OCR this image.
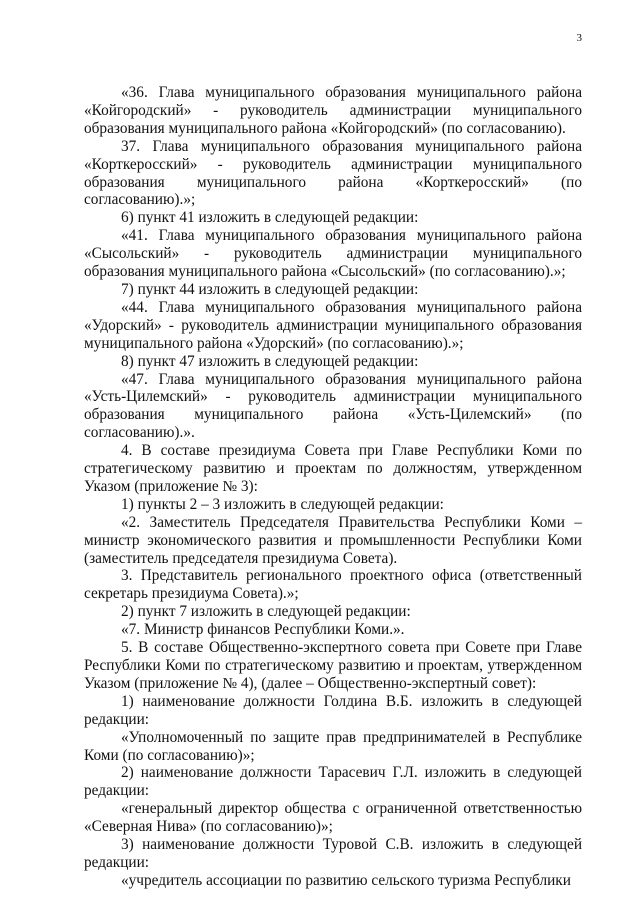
3

«36. Глава муниципального образования муниципального района «Койгородский» - руководитель администрации муниципального образования муниципального района «Койгородский» (по согласованию).

37. Глава муниципального образования муниципального района «Корткеросский» - руководитель администрации муниципального образования муниципального района «Корткеросский» (по согласованию).»;

6) пункт 41 изложить в следующей редакции:

«41. Глава муниципального образования муниципального района «Сысольский» - руководитель администрации муниципального образования муниципального района «Сысольский» (по согласованию).»;

7) пункт 44 изложить в следующей редакции:

«44. Глава муниципального образования муниципального района «Удорский» - руководитель администрации муниципального образования муниципального района «Удорский» (по согласованию).»;

8) пункт 47 изложить в следующей редакции:

«47. Глава муниципального образования муниципального района «Усть-Цилемский» - руководитель администрации муниципального образования муниципального района «Усть-Цилемский» (по согласованию).».

4. В составе президиума Совета при Главе Республики Коми по стратегическому развитию и проектам по должностям, утвержденном Указом (приложение № 3):

1) пункты 2 – 3 изложить в следующей редакции:

«2. Заместитель Председателя Правительства Республики Коми – министр экономического развития и промышленности Республики Коми (заместитель председателя президиума Совета).

3. Представитель регионального проектного офиса (ответственный секретарь президиума Совета).»;

2) пункт 7 изложить в следующей редакции:

«7. Министр финансов Республики Коми.».

5. В составе Общественно-экспертного совета при Совете при Главе Республики Коми по стратегическому развитию и проектам, утвержденном Указом (приложение № 4), (далее – Общественно-экспертный совет):

1) наименование должности Голдина В.Б. изложить в следующей редакции:

«Уполномоченный по защите прав предпринимателей в Республике Коми (по согласованию)»;

2) наименование должности Тарасевич Г.Л. изложить в следующей редакции:

«генеральный директор общества с ограниченной ответственностью «Северная Нива» (по согласованию)»;

3) наименование должности Туровой С.В. изложить в следующей редакции:

«учредитель ассоциации по развитию сельского туризма Республики
